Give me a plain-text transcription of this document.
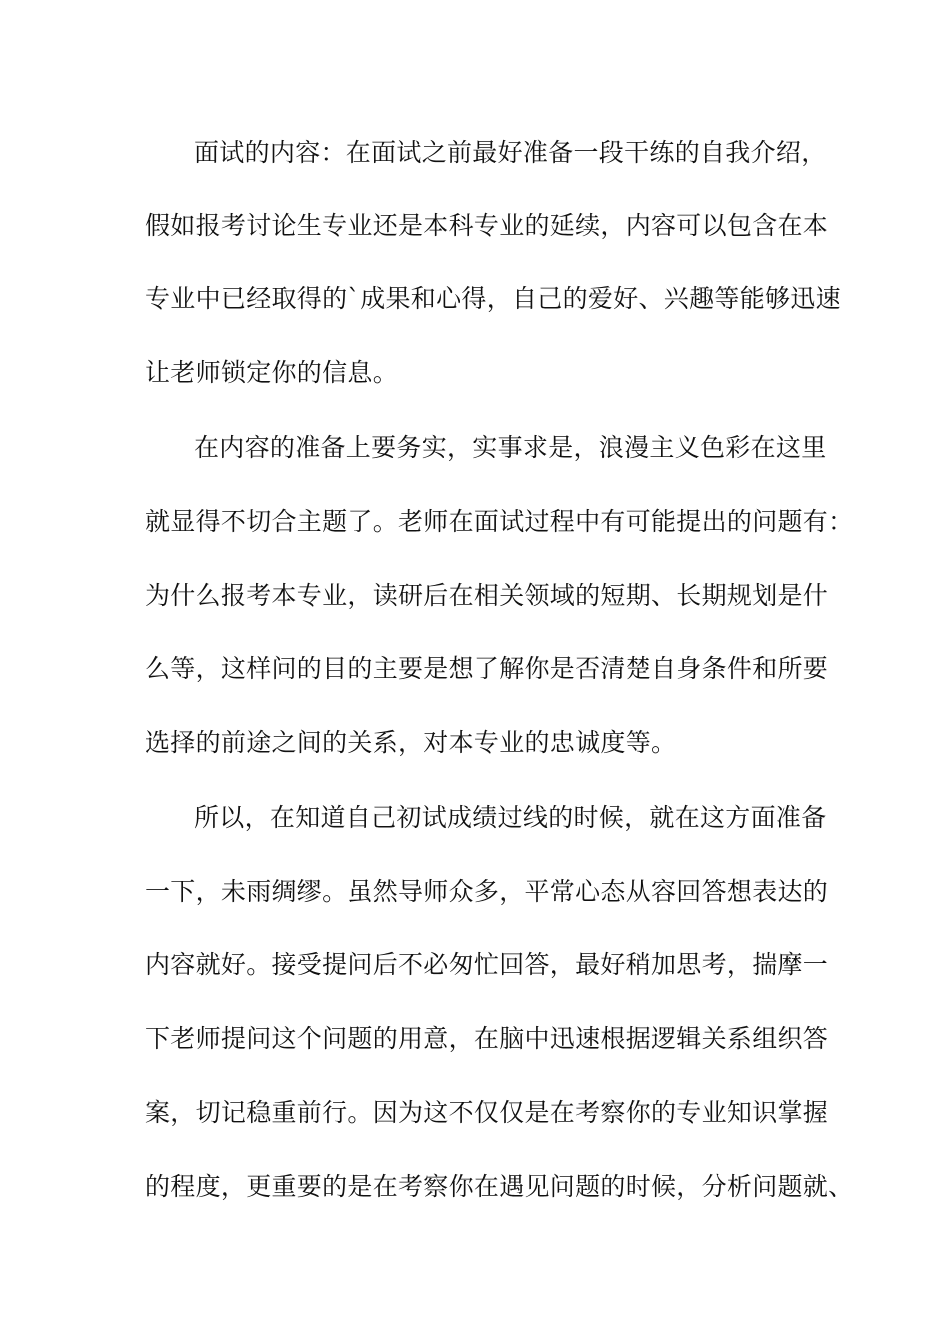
面试的内容：在面试之前最好准备一段干练的自我介绍，
假如报考讨论生专业还是本科专业的延续，内容可以包含在本
专业中已经取得的`成果和心得，自己的爱好、兴趣等能够迅速
让老师锁定你的信息。
在内容的准备上要务实，实事求是，浪漫主义色彩在这里
就显得不切合主题了。老师在面试过程中有可能提出的问题有：
为什么报考本专业，读研后在相关领域的短期、长期规划是什
么等，这样问的目的主要是想了解你是否清楚自身条件和所要
选择的前途之间的关系，对本专业的忠诚度等。
所以，在知道自己初试成绩过线的时候，就在这方面准备
一下，未雨绸缪。虽然导师众多，平常心态从容回答想表达的
内容就好。接受提问后不必匆忙回答，最好稍加思考，揣摩一
下老师提问这个问题的用意，在脑中迅速根据逻辑关系组织答
案，切记稳重前行。因为这不仅仅是在考察你的专业知识掌握
的程度，更重要的是在考察你在遇见问题的时候，分析问题就、
